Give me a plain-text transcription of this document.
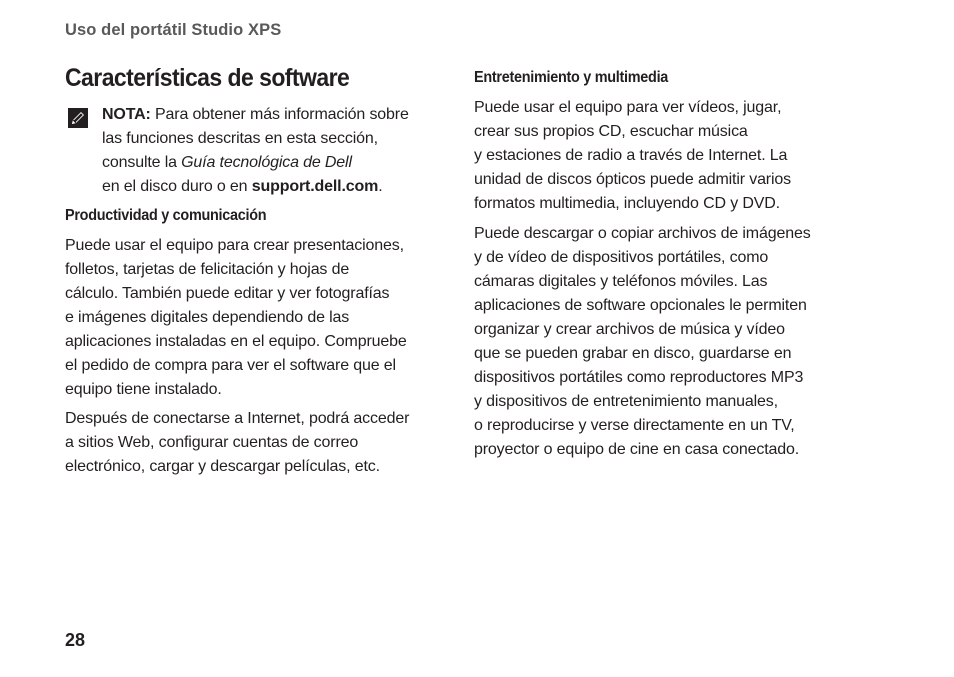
Uso del portátil Studio XPS
Características de software
NOTA: Para obtener más información sobre
las funciones descritas en esta sección,
consulte la Guía tecnológica de Dell
en el disco duro o en support.dell.com.
Productividad y comunicación

Puede usar el equipo para crear presentaciones,
folletos, tarjetas de felicitación y hojas de
cálculo. También puede editar y ver fotografías
e imágenes digitales dependiendo de las
aplicaciones instaladas en el equipo. Compruebe
el pedido de compra para ver el software que el
equipo tiene instalado.

Después de conectarse a Internet, podrá acceder
a sitios Web, configurar cuentas de correo
electrónico, cargar y descargar películas, etc.

Entretenimiento y multimedia

Puede usar el equipo para ver vídeos, jugar,
crear sus propios CD, escuchar música
y estaciones de radio a través de Internet. La
unidad de discos ópticos puede admitir varios
formatos multimedia, incluyendo CD y DVD.

Puede descargar o copiar archivos de imágenes
y de vídeo de dispositivos portátiles, como
cámaras digitales y teléfonos móviles. Las
aplicaciones de software opcionales le permiten
organizar y crear archivos de música y vídeo
que se pueden grabar en disco, guardarse en
dispositivos portátiles como reproductores MP3
y dispositivos de entretenimiento manuales,
o reproducirse y verse directamente en un TV,
proyector o equipo de cine en casa conectado.

28
